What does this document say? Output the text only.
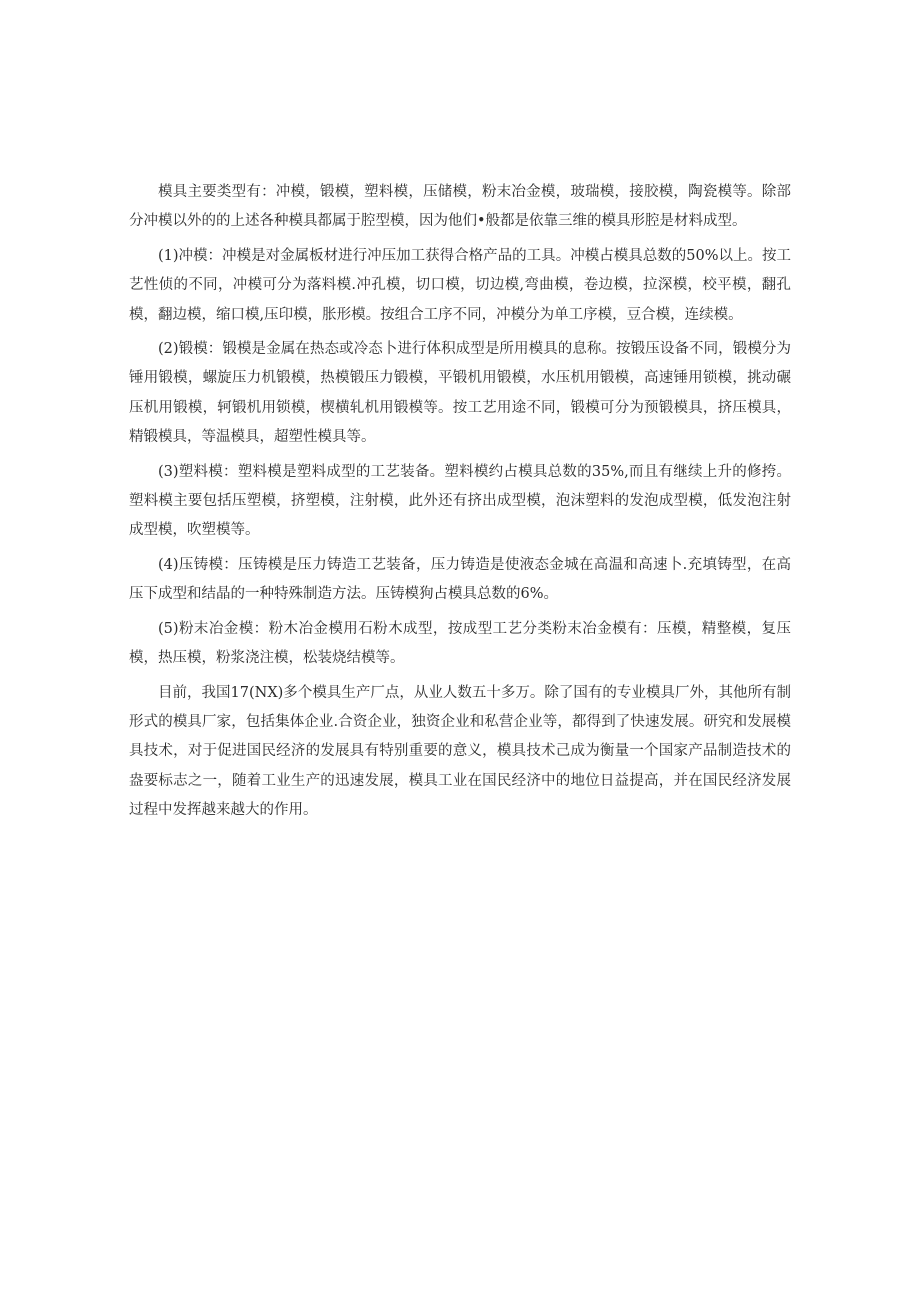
模具主要类型有：冲模，锻模，塑料模，压储模，粉末冶金模，玻瑞模，接胶模，陶瓷模等。除部分冲模以外的的上述各种模具都属于腔型模，因为他们•般都是依靠三维的模具形腔是材料成型。

(1)冲模：冲模是对金属板材进行冲压加工获得合格产品的工具。冲模占模具总数的50%以上。按工艺性侦的不同，冲模可分为落料模.冲孔模，切口模，切边模,弯曲模，卷边模，拉深模，校平模，翻孔模，翻边模，缩口模,压印模，胀形模。按组合工序不同，冲模分为单工序模，豆合模，连续模。

(2)锻模：锻模是金属在热态或冷态卜进行体积成型是所用模具的息称。按锻压设备不同，锻模分为锤用锻模，螺旋压力机锻模，热模锻压力锻模，平锻机用锻模，水压机用锻模，高速锤用锁模，挑动碾压机用锻模，轲锻机用锁模，楔横轧机用锻模等。按工艺用途不同，锻模可分为预锻模具，挤压模具，精锻模具，等温模具，超塑性模具等。

(3)塑料模：塑料模是塑料成型的工艺装备。塑料模约占模具总数的35%,而且有继续上升的修挎。塑料模主要包括压塑模，挤塑模，注射模，此外还有挤出成型模，泡沫塑料的发泡成型模，低发泡注射成型模，吹塑模等。

(4)压铸模：压铸模是压力铸造工艺装备，压力铸造是使液态金城在高温和高速卜.充填铸型，在高压下成型和结晶的一种特殊制造方法。压铸模狗占模具总数的6%。

(5)粉末冶金模：粉木冶金模用石粉木成型，按成型工艺分类粉末冶金模有：压模，精整模，复压模，热压模，粉浆浇注模，松装烧结模等。

目前，我国17(NX)多个模具生产厂点，从业人数五十多万。除了国有的专业模具厂外，其他所有制形式的模具厂家，包括集体企业.合资企业，独资企业和私营企业等，都得到了快速发展。研究和发展模具技术，对于促进国民经济的发展具有特别重要的意义，模具技术己成为衡量一个国家产品制造技术的盎要标志之一，随着工业生产的迅速发展，模具工业在国民经济中的地位日益提高，并在国民经济发展过程中发挥越来越大的作用。
